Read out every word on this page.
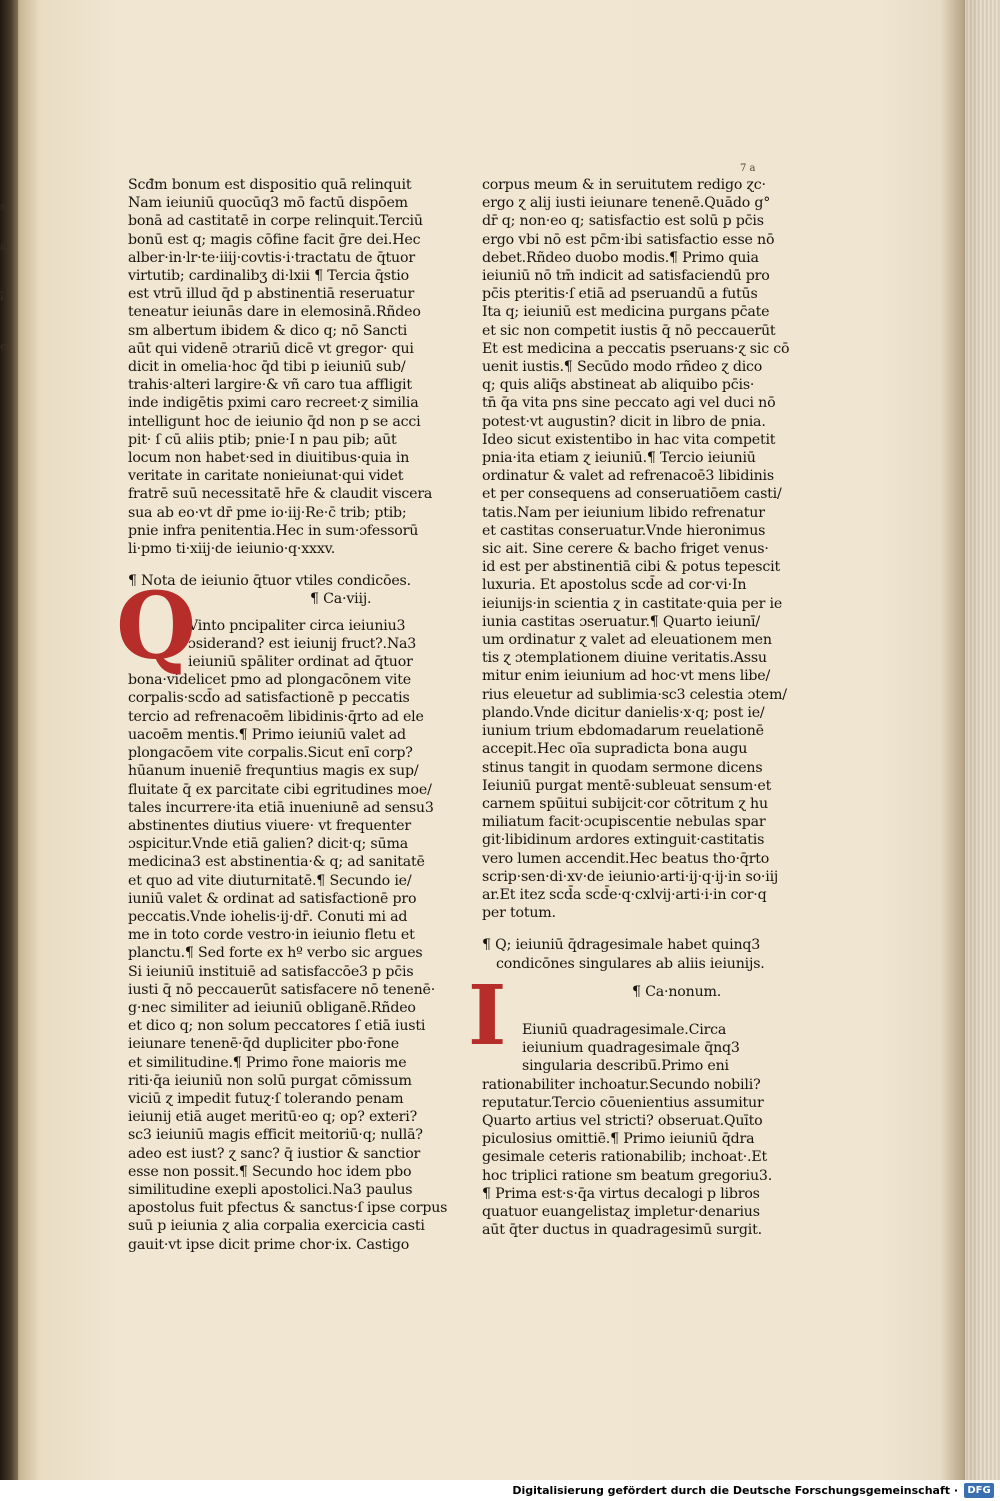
s
a
ī
e
7 a

Scđm bonum est dispositio quā relinquit

Nam ieiuniū quocūq3 mō factū dispōem

bonā ad castitatē in corpe relinquit.Terciū

bonū est q; magis cōfine facit ḡre dei.Hec

alber·in·lr·te·iiij·covtis·i·tractatu de q̄tuor

virtutib; cardinalibʒ di·lxii ¶ Tercia q̄stio

est vtrū illud q̄d p abstinentiā reseruatur

teneatur ieiunās dare in elemosinā.Rñdeo

sm albertum ibidem & dico q; nō Sancti

aūt qui videnē ɔtrariū dicē vt gregor· qui

dicit in omelia·hoc q̄d tibi p ieiuniū sub/

trahis·alteri largire·& vñ caro tua affligit

inde indigētis pximi caro recreet·ɀ similia

intelligunt hoc de ieiunio q̄d non p se acci

pit· ſ cū aliis ptib; pnie·I n pau pib; aūt

locum non habet·sed in diuitibus·quia in

veritate in caritate nonieiunat·qui videt

fratrē suū necessitatē hr̄e & claudit viscera

sua ab eo·vt dr̄ pme io·iij·Re·c̄ trib; ptib;

pnie infra penitentia.Hec in sum·ɔfessorū

li·pmo ti·xiij·de ieiunio·q·xxxv.

¶ Nota de ieiunio q̄tuor vtiles condicōes.

¶ Ca·viij.

Vinto pncipaliter circa ieiuniu3

ɔsiderand? est ieiunij fruct?.Na3

ieiuniū spāliter ordinat ad q̄tuor

bona·videlicet pmo ad plongacōnem vite

corpalis·scd̄o ad satisfactionē p peccatis

tercio ad refrenacoēm libidinis·q̄rto ad ele

uacoēm mentis.¶ Primo ieiuniū valet ad

plongacōem vite corpalis.Sicut enī corp?

hūanum inueniē frequntius magis ex sup/

fluitate q̄ ex parcitate cibi egritudines moe/

tales incurrere·ita etiā inueniunē ad sensu3

abstinentes diutius viuere· vt frequenter

ɔspicitur.Vnde etiā galien? dicit·q; sūma

medicina3 est abstinentia·& q; ad sanitatē

et quo ad vite diuturnitatē.¶ Secundo ie/

iuniū valet & ordinat ad satisfactionē pro

peccatis.Vnde iohelis·ij·dr̄. Conuti mi ad

me in toto corde vestro·in ieiunio fletu et

planctu.¶ Sed forte ex hº verbo sic argues

Si ieiuniū instituiē ad satisfaccōe3 p pc̄is

iusti q̄ nō peccauerūt satisfacere nō tenenē·

g·nec similiter ad ieiuniū obliganē.Rñdeo

et dico q; non solum peccatores ſ etiā iusti

ieiunare tenenē·q̄d dupliciter pbo·r̄one

et similitudine.¶ Primo r̄one maioris me

riti·q̄a ieiuniū non solū purgat cōmissum

viciū ɀ impedit futuɀ·ſ tolerando penam

ieiunij etiā auget meritū·eo q; op? exteri?

sc3 ieiuniū magis efficit meitoriū·q; nullā?

adeo est iust? ɀ sanc? q̄ iustior & sanctior

esse non possit.¶ Secundo hoc idem pbo

similitudine exepli apostolici.Na3 paulus

apostolus fuit pfectus & sanctus·ſ ipse corpus

suū p ieiunia ɀ alia corpalia exercicia casti

gauit·vt ipse dicit prime chor·ix. Castigo

corpus meum & in seruitutem redigo ɀc·

ergo ɀ alij iusti ieiunare tenenē.Quādo g°

dr̄ q; non·eo q; satisfactio est solū p pc̄is

ergo vbi nō est pc̄m·ibi satisfactio esse nō

debet.Rñdeo duobo modis.¶ Primo quia

ieiuniū nō tm̄ indicit ad satisfaciendū pro

pc̄is pteritis·ſ etiā ad pseruandū a futūs

Ita q; ieiuniū est medicina purgans pc̄ate

et sic non competit iustis q̄ nō peccauerūt

Et est medicina a peccatis pseruans·ɀ sic cō

uenit iustis.¶ Secūdo modo rñdeo ɀ dico

q; quis aliq̄s abstineat ab aliquibo pc̄is·

tn̄ q̄a vita pns sine peccato agi vel duci nō

potest·vt augustin? dicit in libro de pnia.

Ideo sicut existentibo in hac vita competit

pnia·ita etiam ɀ ieiuniū.¶ Tercio ieiuniū

ordinatur & valet ad refrenacoē3 libidinis

et per consequens ad conseruatiōem casti/

tatis.Nam per ieiunium libido refrenatur

et castitas conseruatur.Vnde hieronimus

sic ait. Sine cerere & bacho friget venus·

id est per abstinentiā cibi & potus tepescit

luxuria. Et apostolus scd̄e ad cor·vi·In

ieiunijs·in scientia ɀ in castitate·quia per ie

iunia castitas ɔseruatur.¶ Quarto ieiunī/

um ordinatur ɀ valet ad eleuationem men

tis ɀ ɔtemplationem diuine veritatis.Assu

mitur enim ieiunium ad hoc·vt mens libe/

rius eleuetur ad sublimia·sc3 celestia ɔtem/

plando.Vnde dicitur danielis·x·q; post ie/

iunium trium ebdomadarum reuelationē

accepit.Hec oīa supradicta bona augu

stinus tangit in quodam sermone dicens

Ieiuniū purgat mentē·subleuat sensum·et

carnem spūitui subijcit·cor cōtritum ɀ hu

miliatum facit·ɔcupiscentie nebulas spar

git·libidinum ardores extinguit·castitatis

vero lumen accendit.Hec beatus tho·q̄rto

scrip·sen·di·xv·de ieiunio·arti·ij·q·ij·in so·iij

ar.Et itez scd̄a scd̄e·q·cxlvij·arti·i·in cor·q

per totum.

¶ Q; ieiuniū q̄dragesimale habet quinq3

condicōnes singulares ab aliis ieiunijs.

¶ Ca·nonum.

Eiuniū quadragesimale.Circa

ieiunium quadragesimale q̄nq3

singularia describū̄.Primo eni

rationabiliter inchoatur.Secundo nobili?

reputatur.Tercio cōuenientius assumitur

Quarto artius vel stricti? obseruat.Quīto

piculosius omittiē.¶ Primo ieiuniū q̄dra

gesimale ceteris rationabilib; inchoat·.Et

hoc triplici ratione sm beatum gregoriu3.

¶ Prima est·s·q̄a virtus decalogi p libros

quatuor euangelistaɀ impletur·denarius

aūt q̄ter ductus in quadragesimū surgit.

Q
I
Digitalisierung gefördert durch die Deutsche Forschungsgemeinschaft · DFG
